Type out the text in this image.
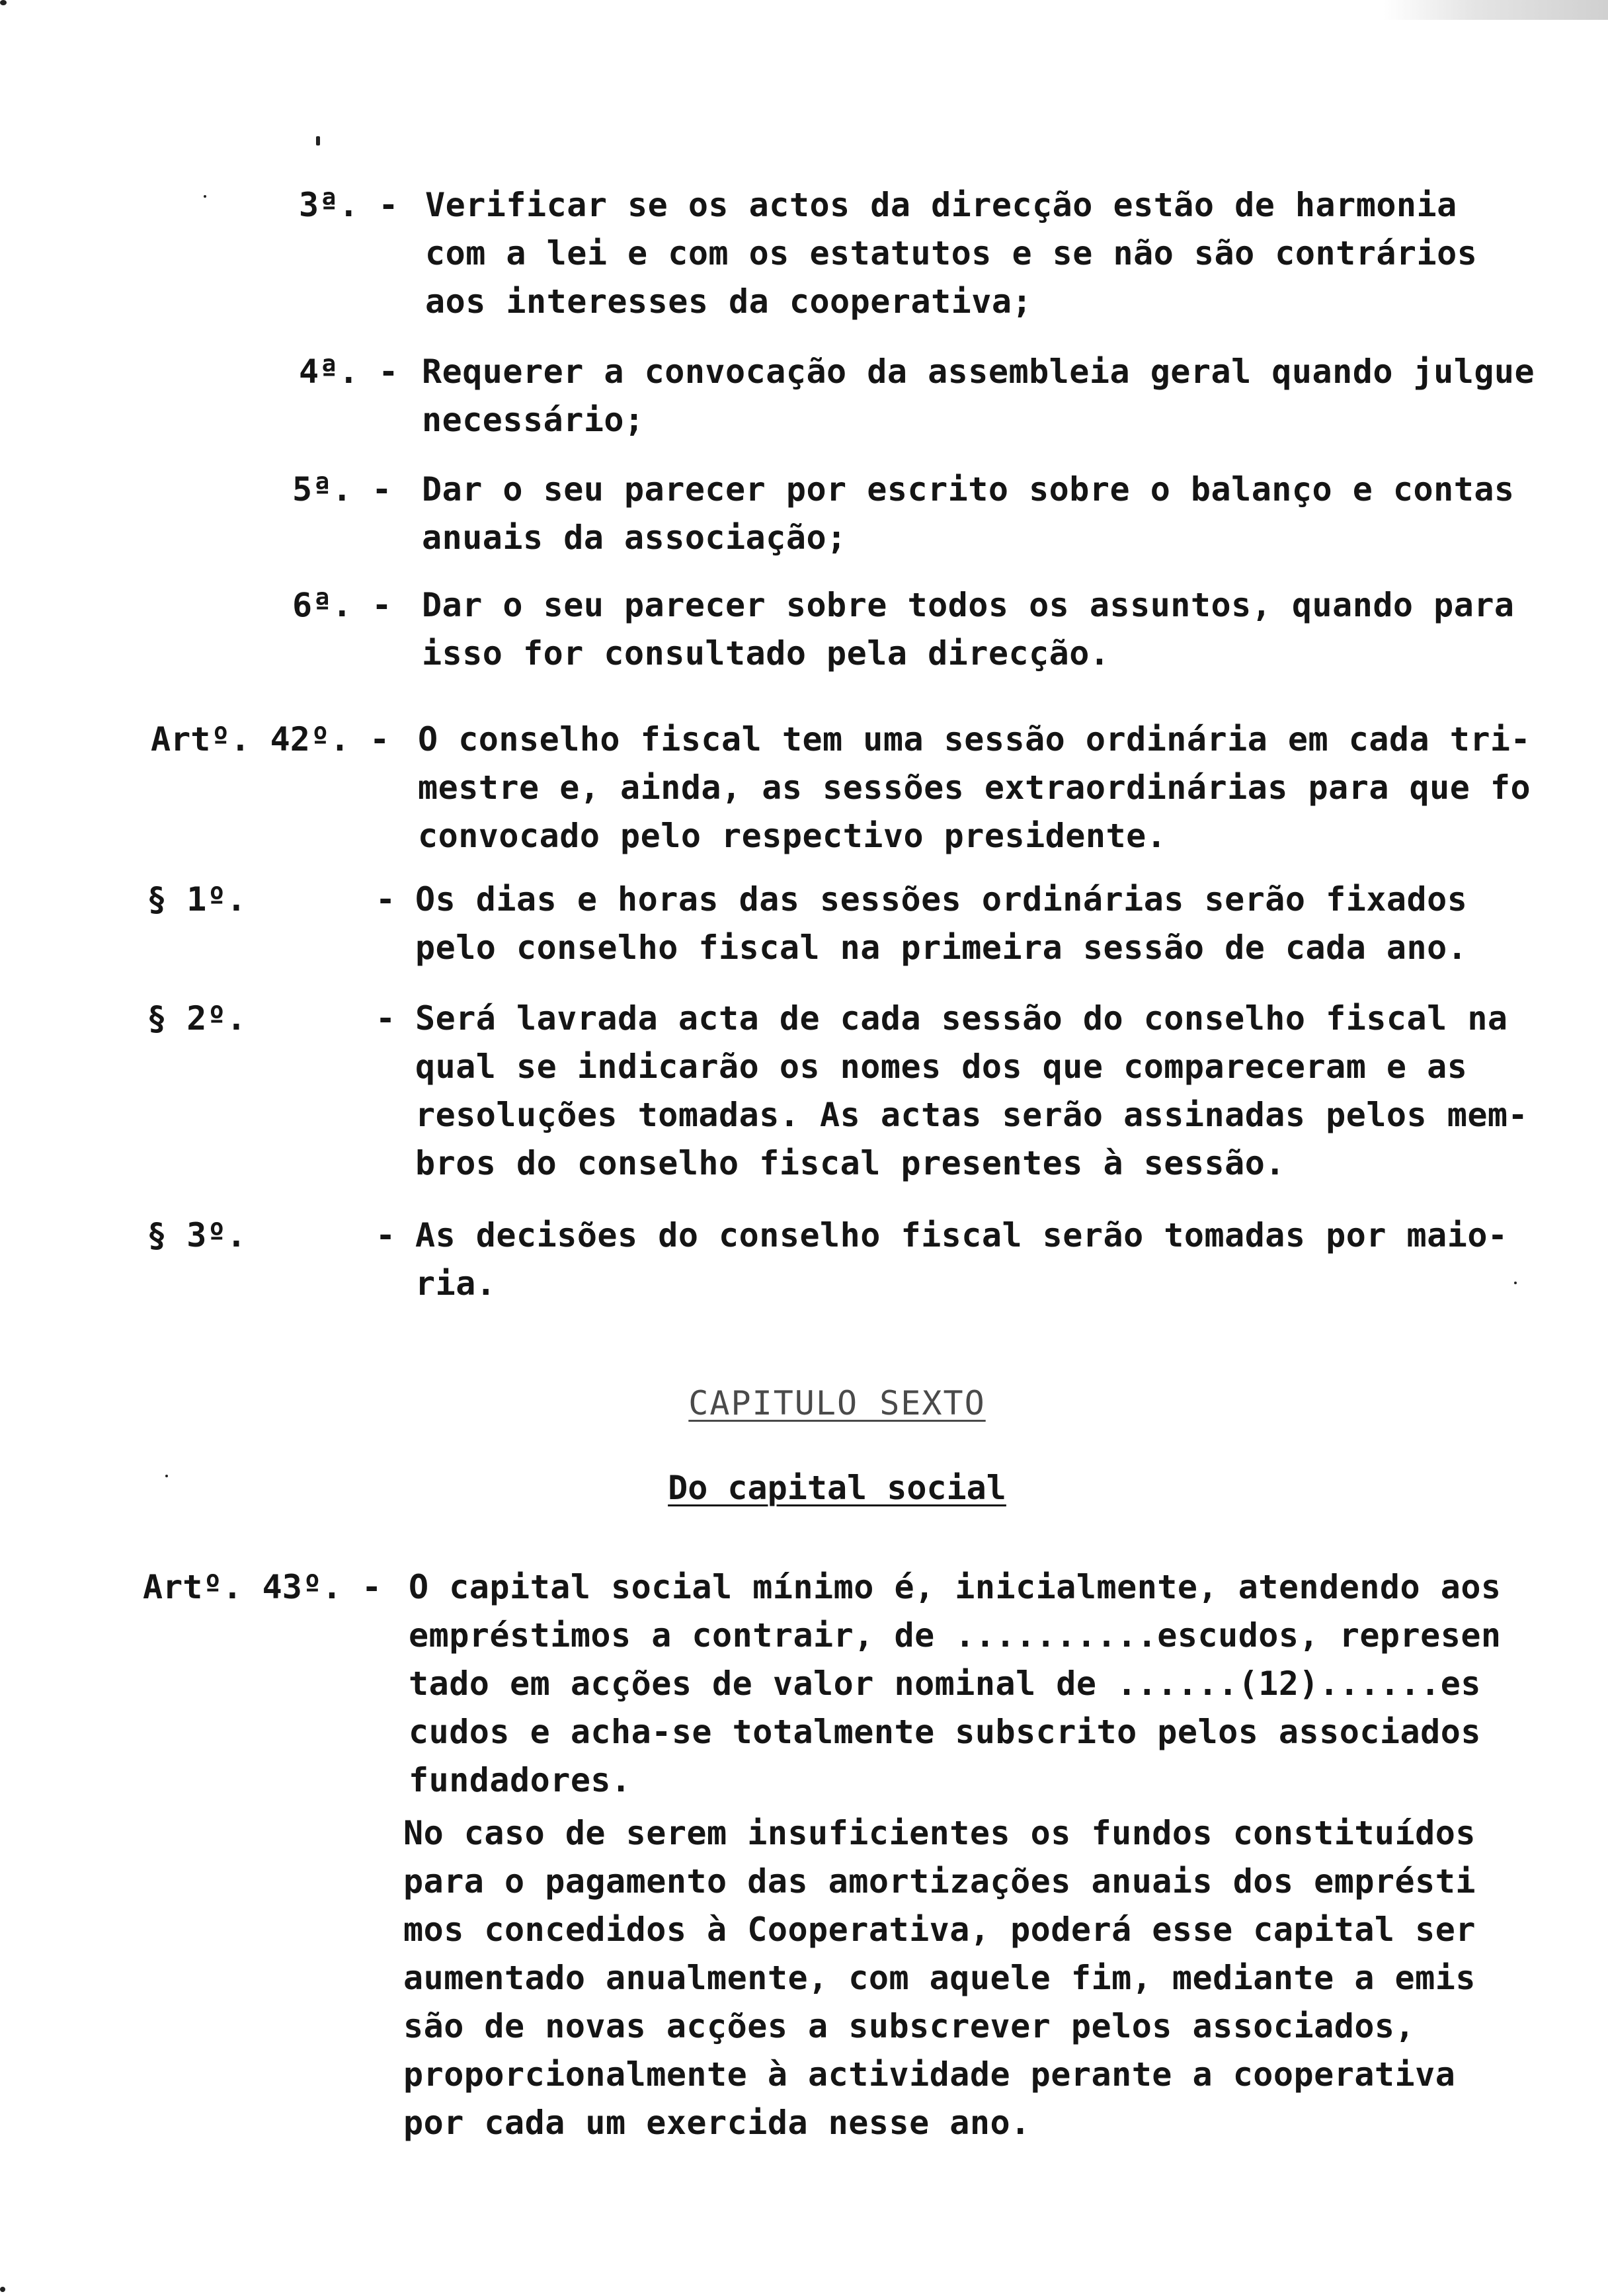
3ª. - Verificar se os actos da direcção estão de harmonia
com a lei e com os estatutos e se não são contrários
aos interesses da cooperativa;
4ª. - Requerer a convocação da assembleia geral quando julgue
necessário;
5ª. - Dar o seu parecer por escrito sobre o balanço e contas
anuais da associação;
6ª. - Dar o seu parecer sobre todos os assuntos, quando para
isso for consultado pela direcção.
Artº. 42º. - O conselho fiscal tem uma sessão ordinária em cada tri-
mestre e, ainda, as sessões extraordinárias para que fo
convocado pelo respectivo presidente.
§ 1º.	- Os dias e horas das sessões ordinárias serão fixados
pelo conselho fiscal na primeira sessão de cada ano.
§ 2º.	- Será lavrada acta de cada sessão do conselho fiscal na
qual se indicarão os nomes dos que compareceram e as
resoluções tomadas. As actas serão assinadas pelos mem-
bros do conselho fiscal presentes à sessão.
§ 3º.	- As decisões do conselho fiscal serão tomadas por maio-
ria.
CAPITULO SEXTO
Do capital social
Artº. 43º. - O capital social mínimo é, inicialmente, atendendo aos
empréstimos a contrair, de ..........escudos, represen
tado em acções de valor nominal de ......(12)......es
cudos e acha-se totalmente subscrito pelos associados
fundadores.
No caso de serem insuficientes os fundos constituídos
para o pagamento das amortizações anuais dos emprésti
mos concedidos à Cooperativa, poderá esse capital ser
aumentado anualmente, com aquele fim, mediante a emis
são de novas acções a subscrever pelos associados,
proporcionalmente à actividade perante a cooperativa
por cada um exercida nesse ano.
